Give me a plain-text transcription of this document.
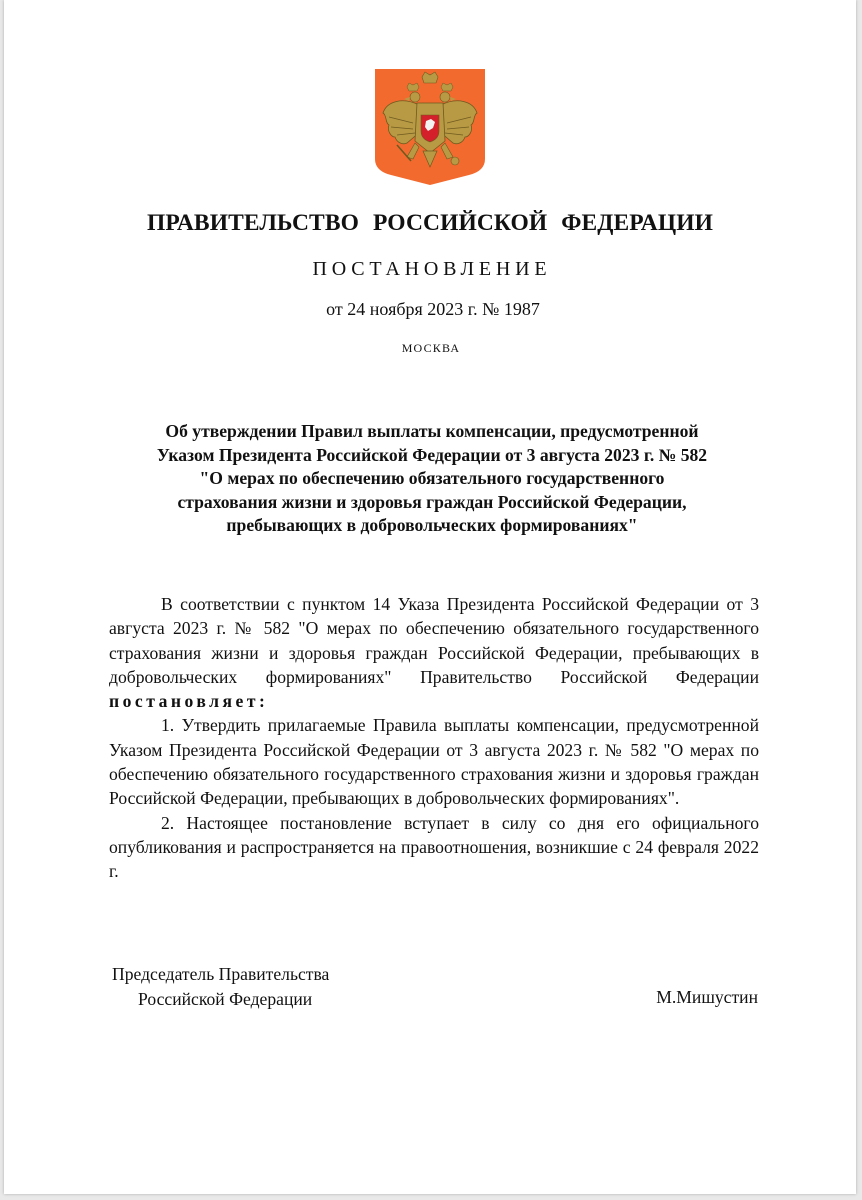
ПРАВИТЕЛЬСТВО РОССИЙСКОЙ ФЕДЕРАЦИИ
ПОСТАНОВЛЕНИЕ
от 24 ноября 2023 г. № 1987
МОСКВА
Об утверждении Правил выплаты компенсации, предусмотренной
Указом Президента Российской Федерации от 3 августа 2023 г. № 582
"О мерах по обеспечению обязательного государственного
страхования жизни и здоровья граждан Российской Федерации,
пребывающих в добровольческих формированиях"

В соответствии с пунктом 14 Указа Президента Российской Федерации от 3 августа 2023 г. № 582 "О мерах по обеспечению обязательного государственного страхования жизни и здоровья граждан Российской Федерации, пребывающих в добровольческих формированиях" Правительство Российской Федерации постановляет:

1. Утвердить прилагаемые Правила выплаты компенсации, предусмотренной Указом Президента Российской Федерации от 3 августа 2023 г. № 582 "О мерах по обеспечению обязательного государственного страхования жизни и здоровья граждан Российской Федерации, пребывающих в добровольческих формированиях".

2. Настоящее постановление вступает в силу со дня его официального опубликования и распространяется на правоотношения, возникшие с 24 февраля 2022 г.

Председатель Правительства
Российской Федерации	М.Мишустин
